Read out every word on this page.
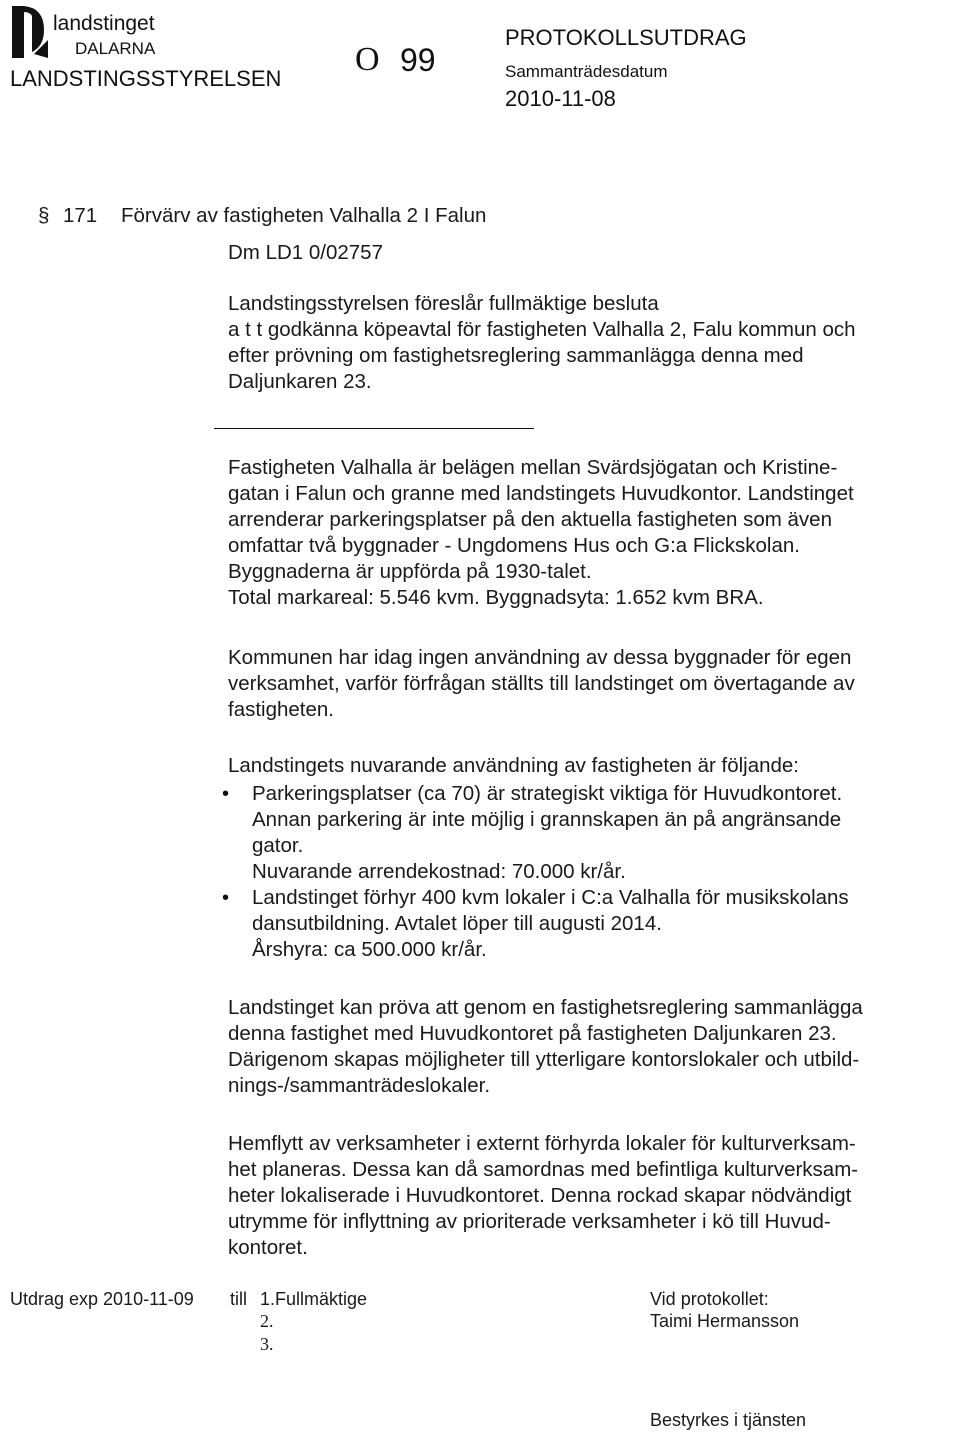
landstinget
DALARNA
LANDSTINGSSTYRELSEN
O 99
PROTOKOLLSUTDRAG
Sammanträdesdatum
2010-11-08
§ 171 Förvärv av fastigheten Valhalla 2 I Falun
Dm LD1 0/02757

Landstingsstyrelsen föreslår fullmäktige besluta
a t t godkänna köpeavtal för fastigheten Valhalla 2, Falu kommun och
efter prövning om fastighetsreglering sammanlägga denna med
Daljunkaren 23.

Fastigheten Valhalla är belägen mellan Svärdsjögatan och Kristine-
gatan i Falun och granne med landstingets Huvudkontor. Landstinget
arrenderar parkeringsplatser på den aktuella fastigheten som även
omfattar två byggnader - Ungdomens Hus och G:a Flickskolan.
Byggnaderna är uppförda på 1930-talet.
Total markareal: 5.546 kvm. Byggnadsyta: 1.652 kvm BRA.

Kommunen har idag ingen användning av dessa byggnader för egen
verksamhet, varför förfrågan ställts till landstinget om övertagande av
fastigheten.

Landstingets nuvarande användning av fastigheten är följande:
• Parkeringsplatser (ca 70) är strategiskt viktiga för Huvudkontoret.
Annan parkering är inte möjlig i grannskapen än på angränsande
gator.
Nuvarande arrendekostnad: 70.000 kr/år.
• Landstinget förhyr 400 kvm lokaler i C:a Valhalla för musikskolans
dansutbildning. Avtalet löper till augusti 2014.
Årshyra: ca 500.000 kr/år.

Landstinget kan pröva att genom en fastighetsreglering sammanlägga
denna fastighet med Huvudkontoret på fastigheten Daljunkaren 23.
Därigenom skapas möjligheter till ytterligare kontorslokaler och utbild-
nings-/sammanträdeslokaler.

Hemflytt av verksamheter i externt förhyrda lokaler för kulturverksam-
het planeras. Dessa kan då samordnas med befintliga kulturverksam-
heter lokaliserade i Huvudkontoret. Denna rockad skapar nödvändigt
utrymme för inflyttning av prioriterade verksamheter i kö till Huvud-
kontoret.

Utdrag exp 2010-11-09 till 1.Fullmäktige
2.
3.
Vid protokollet:
Taimi Hermansson
Bestyrkes i tjänsten
